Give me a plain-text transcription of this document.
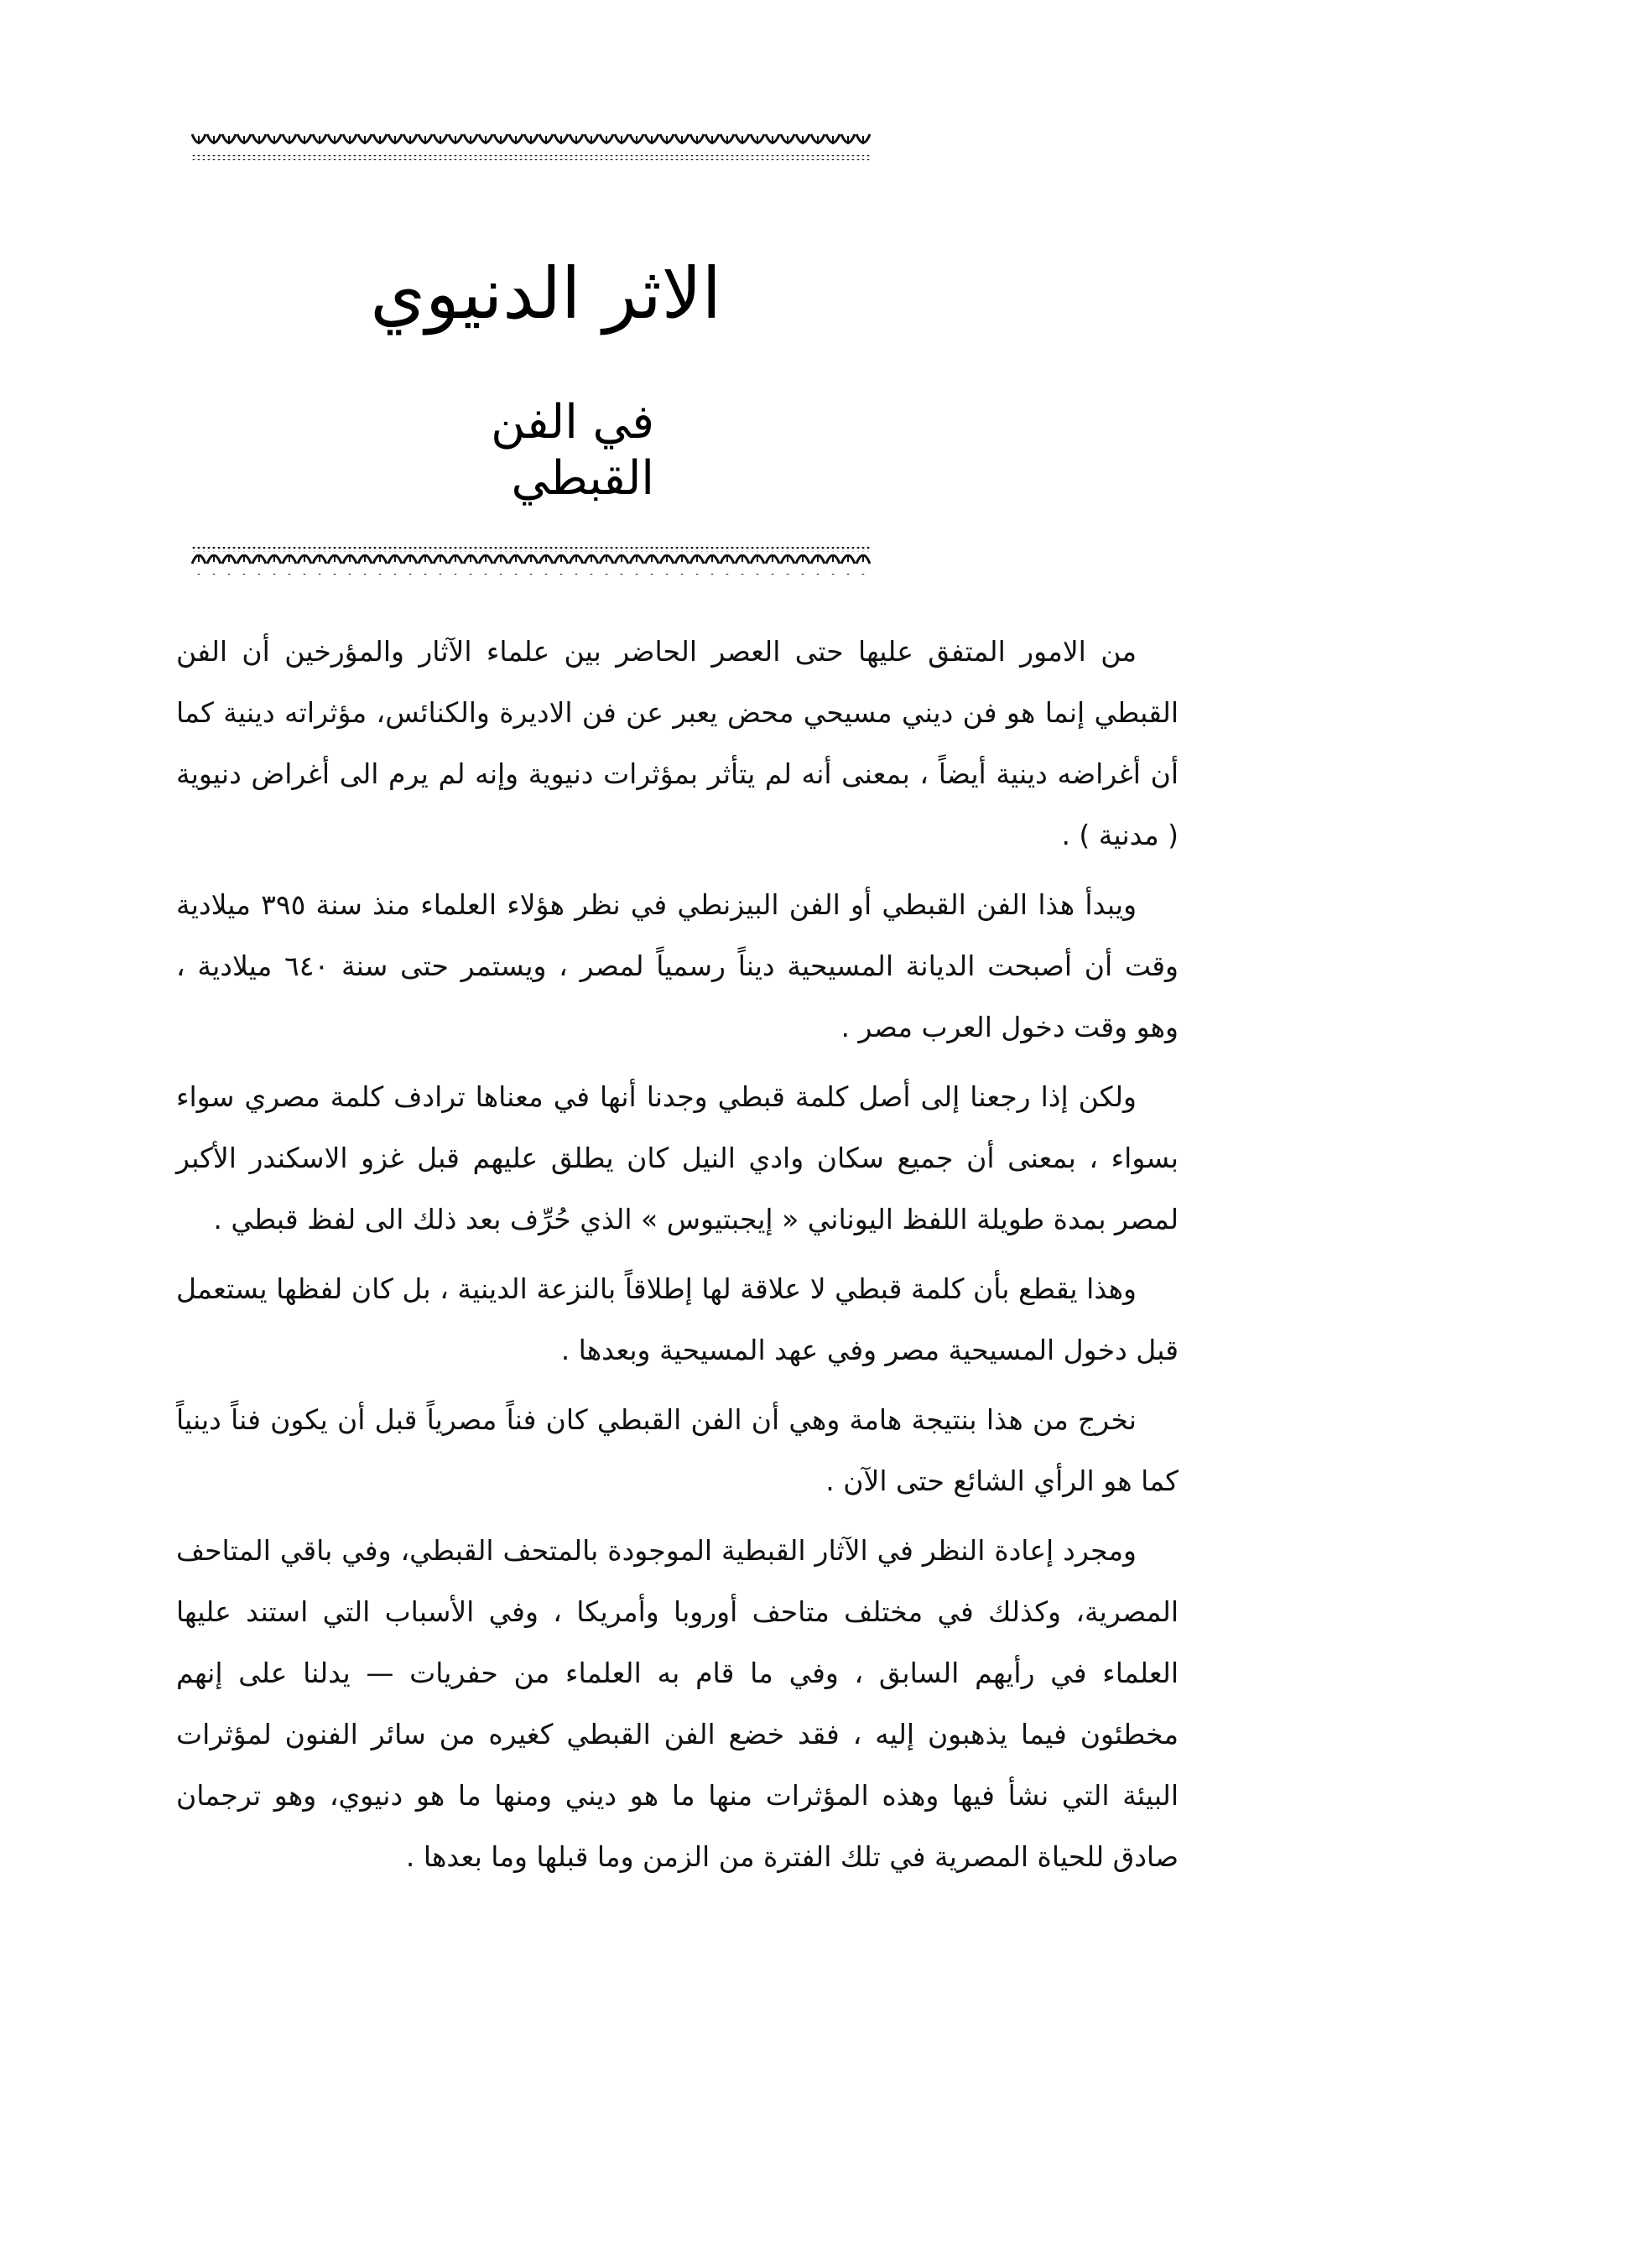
الاثر الدنيوي
في الفن القبطي

من الامور المتفق عليها حتى العصر الحاضر بين علماء الآثار والمؤرخين أن الفن القبطي إنما هو فن ديني مسيحي محض يعبر عن فن الاديرة والكنائس، مؤثراته دينية كما أن أغراضه دينية أيضاً ، بمعنى أنه لم يتأثر بمؤثرات دنيوية وإنه لم يرم الى أغراض دنيوية ( مدنية ) .

ويبدأ هذا الفن القبطي أو الفن البيزنطي في نظر هؤلاء العلماء منذ سنة ٣٩٥ ميلادية وقت أن أصبحت الديانة المسيحية ديناً رسمياً لمصر ، ويستمر حتى سنة ٦٤٠ ميلادية ، وهو وقت دخول العرب مصر .

ولكن إذا رجعنا إلى أصل كلمة قبطي وجدنا أنها في معناها ترادف كلمة مصري سواء بسواء ، بمعنى أن جميع سكان وادي النيل كان يطلق عليهم قبل غزو الاسكندر الأكبر لمصر بمدة طويلة اللفظ اليوناني « إيجبتيوس » الذي حُرِّف بعد ذلك الى لفظ قبطي .

وهذا يقطع بأن كلمة قبطي لا علاقة لها إطلاقاً بالنزعة الدينية ، بل كان لفظها يستعمل قبل دخول المسيحية مصر وفي عهد المسيحية وبعدها .

نخرج من هذا بنتيجة هامة وهي أن الفن القبطي كان فناً مصرياً قبل أن يكون فناً دينياً كما هو الرأي الشائع حتى الآن .

ومجرد إعادة النظر في الآثار القبطية الموجودة بالمتحف القبطي، وفي باقي المتاحف المصرية، وكذلك في مختلف متاحف أوروبا وأمريكا ، وفي الأسباب التي استند عليها العلماء في رأيهم السابق ، وفي ما قام به العلماء من حفريات — يدلنا على إنهم مخطئون فيما يذهبون إليه ، فقد خضع الفن القبطي كغيره من سائر الفنون لمؤثرات البيئة التي نشأ فيها وهذه المؤثرات منها ما هو ديني ومنها ما هو دنيوي، وهو ترجمان صادق للحياة المصرية في تلك الفترة من الزمن وما قبلها وما بعدها .
